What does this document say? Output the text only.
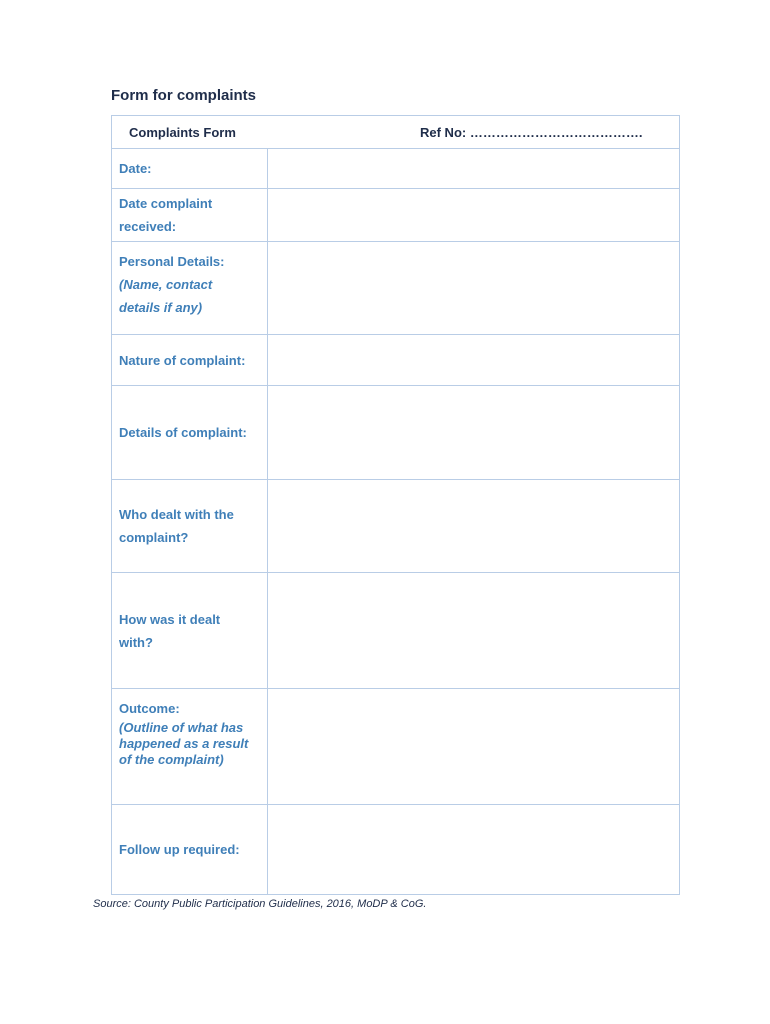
Form for complaints
Complaints Form	Ref No: ………………………………….
Date:
Date complaint received:
Personal Details:
(Name, contact details if any)
Nature of complaint:
Details of complaint:
Who dealt with the complaint?
How was it dealt with?
Outcome:
(Outline of what has happened as a result of the complaint)
Follow up required:
Source: County Public Participation Guidelines, 2016, MoDP & CoG.
